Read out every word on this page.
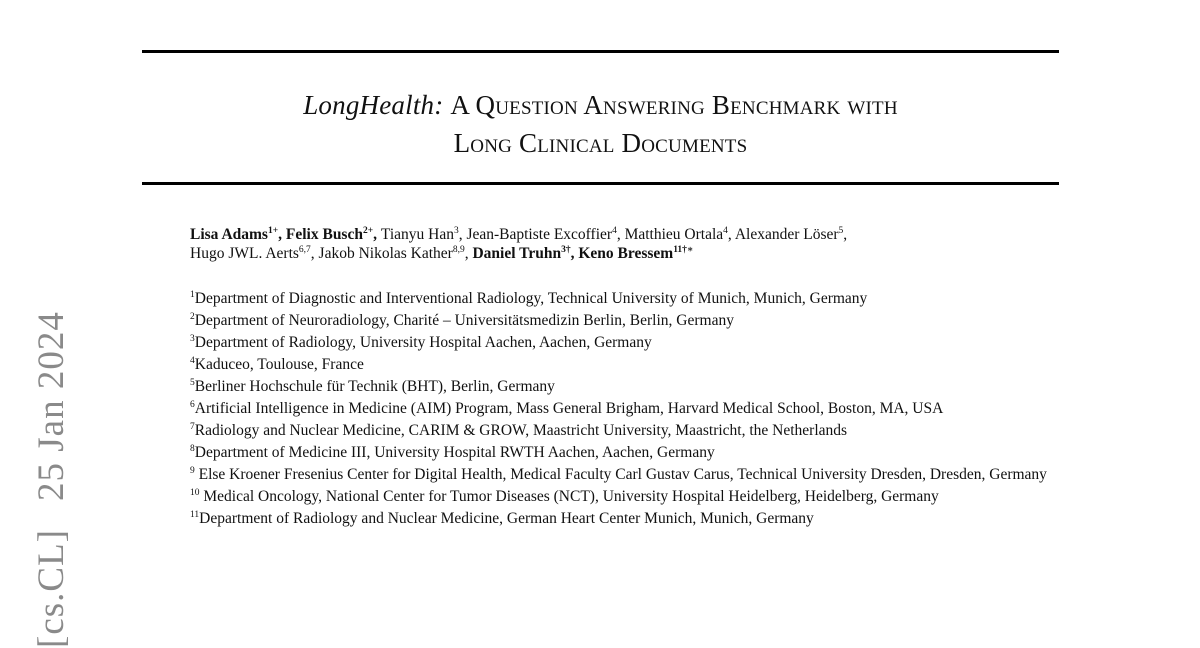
LongHealth: A Question Answering Benchmark with
Long Clinical Documents
Lisa Adams$^{1+}$, Felix Busch$^{2+}$, Tianyu Han$^3$, Jean-Baptiste Excoffier$^4$, Matthieu Ortala$^4$, Alexander Löser$^5$,
Hugo JWL. Aerts$^{6,7}$, Jakob Nikolas Kather$^{8,9}$, Daniel Truhn$^{3\dagger}$, Keno Bressem$^{11\dagger∗}$
$^1$Department of Diagnostic and Interventional Radiology, Technical University of Munich, Munich, Germany
$^2$Department of Neuroradiology, Charité – Universitätsmedizin Berlin, Berlin, Germany
$^3$Department of Radiology, University Hospital Aachen, Aachen, Germany
$^4$Kaduceo, Toulouse, France
$^5$Berliner Hochschule für Technik (BHT), Berlin, Germany
$^6$Artificial Intelligence in Medicine (AIM) Program, Mass General Brigham, Harvard Medical School, Boston, MA, USA
$^7$Radiology and Nuclear Medicine, CARIM & GROW, Maastricht University, Maastricht, the Netherlands
$^8$Department of Medicine III, University Hospital RWTH Aachen, Aachen, Germany
$^9$ Else Kroener Fresenius Center for Digital Health, Medical Faculty Carl Gustav Carus, Technical University Dresden, Dresden, Germany
$^{10}$ Medical Oncology, National Center for Tumor Diseases (NCT), University Hospital Heidelberg, Heidelberg, Germany
$^{11}$Department of Radiology and Nuclear Medicine, German Heart Center Munich, Munich, Germany
[cs.CL]25 Jan 2024
